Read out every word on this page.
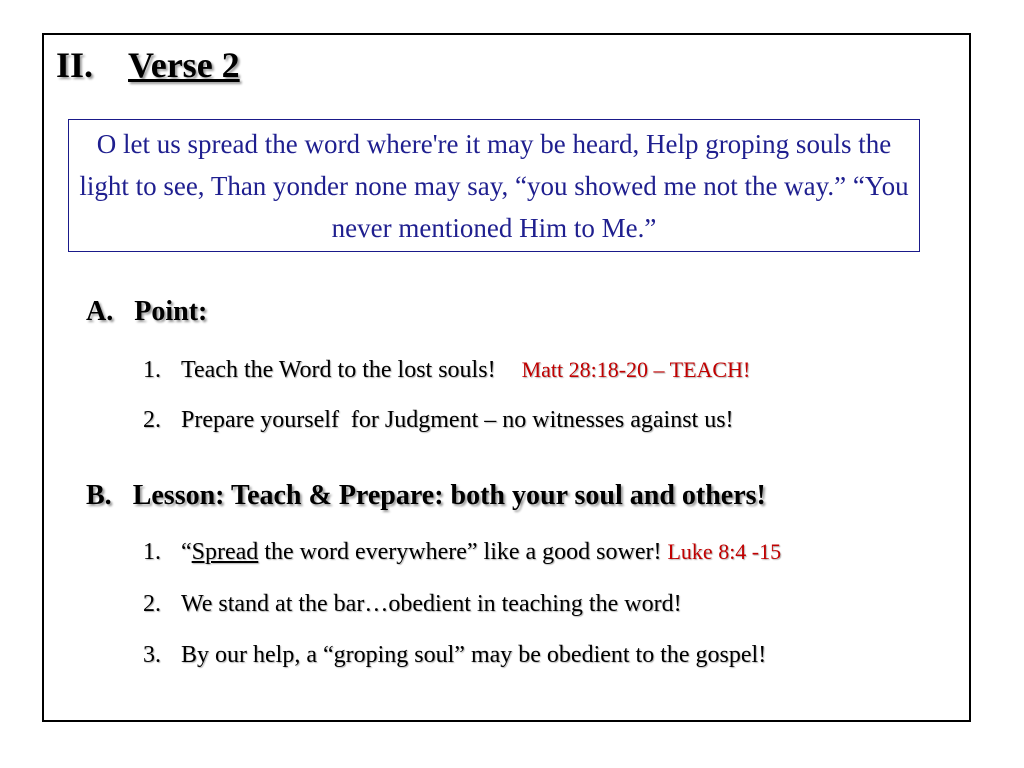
II. Verse 2
O let us spread the word where're it may be heard, Help groping souls the light to see, Than yonder none may say, “you showed me not the way.” “You never mentioned Him to Me.”
A. Point:
1. Teach the Word to the lost souls! Matt 28:18-20 – TEACH!
2. Prepare yourself  for Judgment – no witnesses against us!
B. Lesson: Teach & Prepare: both your soul and others!
1. “Spread the word everywhere” like a good sower! Luke 8:4 -15
2. We stand at the bar…obedient in teaching the word!
3. By our help, a “groping soul” may be obedient to the gospel!
